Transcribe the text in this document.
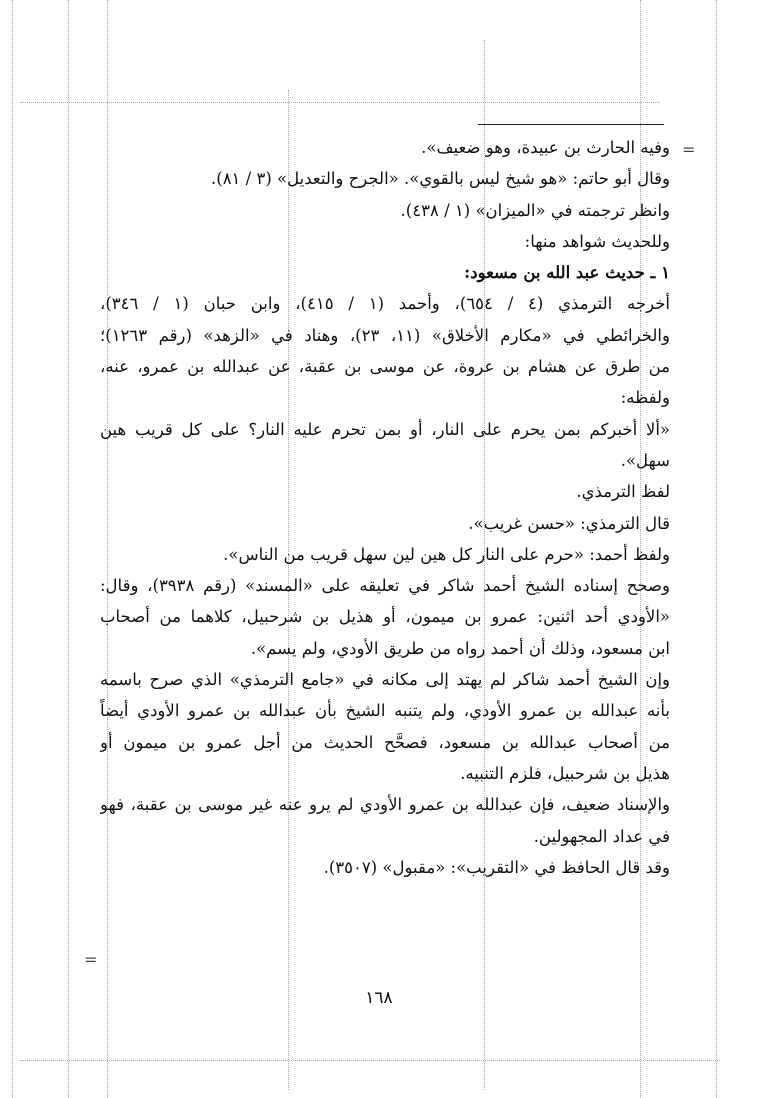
=
=

وفيه الحارث بن عبيدة، وهو ضعيف».

وقال أبو حاتم: «هو شيخ ليس بالقوي». «الجرح والتعديل» (٣ / ٨١).

وانظر ترجمته في «الميزان» (١ / ٤٣٨).

وللحديث شواهد منها:

١ ـ حديث عبد الله بن مسعود:

أخرجه الترمذي (٤ / ٦٥٤)، وأحمد (١ / ٤١٥)، وابن حبان (١ / ٣٤٦)،

والخرائطي في «مكارم الأخلاق» (١١، ٢٣)، وهناد في «الزهد» (رقم ١٢٦٣)؛

من طرق عن هشام بن عروة، عن موسى بن عقبة، عن عبدالله بن عمرو، عنه،

ولفظه:

«ألا أخبركم بمن يحرم على النار، أو بمن تحرم عليه النار؟ على كل قريب هين

سهل».

لفظ الترمذي.

قال الترمذي: «حسن غريب».

ولفظ أحمد: «حرم على النار كل هين لين سهل قريب من الناس».

وصحح إسناده الشيخ أحمد شاكر في تعليقه على «المسند» (رقم ٣٩٣٨)، وقال:

«الأودي أحد اثنين: عمرو بن ميمون، أو هذيل بن شرحبيل، كلاهما من أصحاب

ابن مسعود، وذلك أن أحمد رواه من طريق الأودي، ولم يسم».

وإن الشيخ أحمد شاكر لم يهتد إلى مكانه في «جامع الترمذي» الذي صرح باسمه

بأنه عبدالله بن عمرو الأودي، ولم يتنبه الشيخ بأن عبدالله بن عمرو الأودي أيضاً

من أصحاب عبدالله بن مسعود، فصحَّح الحديث من أجل عمرو بن ميمون أو

هذيل بن شرحبيل، فلزم التنبيه.

والإسناد ضعيف، فإن عبدالله بن عمرو الأودي لم يرو عنه غير موسى بن عقبة، فهو

في عداد المجهولين.

وقد قال الحافظ في «التقريب»: «مقبول» (٣٥٠٧).

١٦٨
